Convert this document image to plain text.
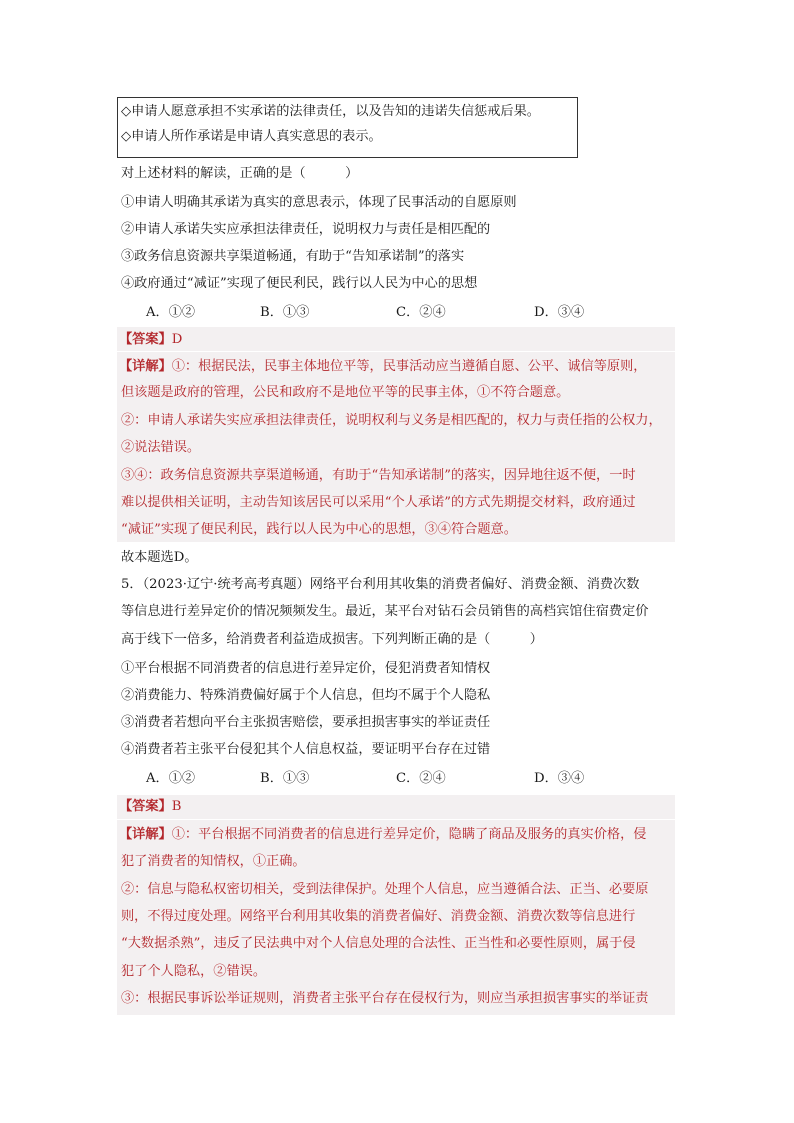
◇申请人愿意承担不实承诺的法律责任，以及告知的违诺失信惩戒后果。
◇申请人所作承诺是申请人真实意思的表示。
对上述材料的解读，正确的是（　　　）
①申请人明确其承诺为真实的意思表示，体现了民事活动的自愿原则
②申请人承诺失实应承担法律责任，说明权力与责任是相匹配的
③政务信息资源共享渠道畅通，有助于“告知承诺制”的落实
④政府通过“减证”实现了便民利民，践行以人民为中心的思想
A．①②	B．①③	C．②④	D．③④
【答案】D
【详解】①：根据民法，民事主体地位平等，民事活动应当遵循自愿、公平、诚信等原则，
但该题是政府的管理，公民和政府不是地位平等的民事主体，①不符合题意。
②：申请人承诺失实应承担法律责任，说明权利与义务是相匹配的，权力与责任指的公权力，
②说法错误。
③④：政务信息资源共享渠道畅通，有助于“告知承诺制”的落实，因异地往返不便，一时
难以提供相关证明，主动告知该居民可以采用“个人承诺”的方式先期提交材料，政府通过
“减证”实现了便民利民，践行以人民为中心的思想，③④符合题意。
故本题选D。
5．（2023·辽宁·统考高考真题）网络平台利用其收集的消费者偏好、消费金额、消费次数
等信息进行差异定价的情况频频发生。最近，某平台对钻石会员销售的高档宾馆住宿费定价
高于线下一倍多，给消费者利益造成损害。下列判断正确的是（　　　）
①平台根据不同消费者的信息进行差异定价，侵犯消费者知情权
②消费能力、特殊消费偏好属于个人信息，但均不属于个人隐私
③消费者若想向平台主张损害赔偿，要承担损害事实的举证责任
④消费者若主张平台侵犯其个人信息权益，要证明平台存在过错
A．①②	B．①③	C．②④	D．③④
【答案】B
【详解】①：平台根据不同消费者的信息进行差异定价，隐瞒了商品及服务的真实价格，侵
犯了消费者的知情权，①正确。
②：信息与隐私权密切相关，受到法律保护。处理个人信息，应当遵循合法、正当、必要原
则，不得过度处理。网络平台利用其收集的消费者偏好、消费金额、消费次数等信息进行
“大数据杀熟”，违反了民法典中对个人信息处理的合法性、正当性和必要性原则，属于侵
犯了个人隐私，②错误。
③：根据民事诉讼举证规则，消费者主张平台存在侵权行为，则应当承担损害事实的举证责
